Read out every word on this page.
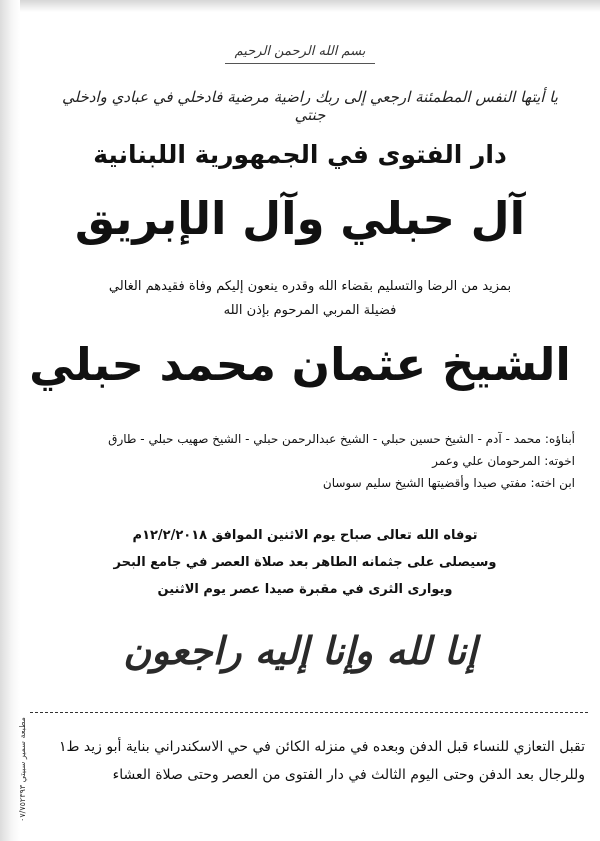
بسم الله الرحمن الرحيم
يا أيتها النفس المطمئنة ارجعي إلى ربك راضية مرضية فادخلي في عبادي وادخلي جنتي
دار الفتوى في الجمهورية اللبنانية
آل حبلي وآل الإبريق
بمزيد من الرضا والتسليم بقضاء الله وقدره ينعون إليكم وفاة فقيدهم الغالي
فضيلة المربي المرحوم بإذن الله
الشيخ عثمان محمد حبلي
أبناؤه: محمد - آدم - الشيخ حسين حبلي - الشيخ عبدالرحمن حبلي - الشيخ صهيب حبلي - طارق
اخوته: المرحومان علي وعمر
ابن اخته: مفتي صيدا وأقضيتها الشيخ سليم سوسان
توفاه الله تعالى صباح يوم الاثنين الموافق ١٢/٢/٢٠١٨م
وسيصلى على جثمانه الطاهر بعد صلاة العصر في جامع البحر
ويوارى الثرى في مقبرة صيدا عصر يوم الاثنين
إنا لله وإنا إليه راجعون
تقبل التعازي للنساء قبل الدفن وبعده في منزله الكائن في حي الاسكندراني بناية أبو زيد ط١
وللرجال بعد الدفن وحتى اليوم الثالث في دار الفتوى من العصر وحتى صلاة العشاء
مطبعة سمير سبيتي ٠٧/٧٥٢٣٩٣
